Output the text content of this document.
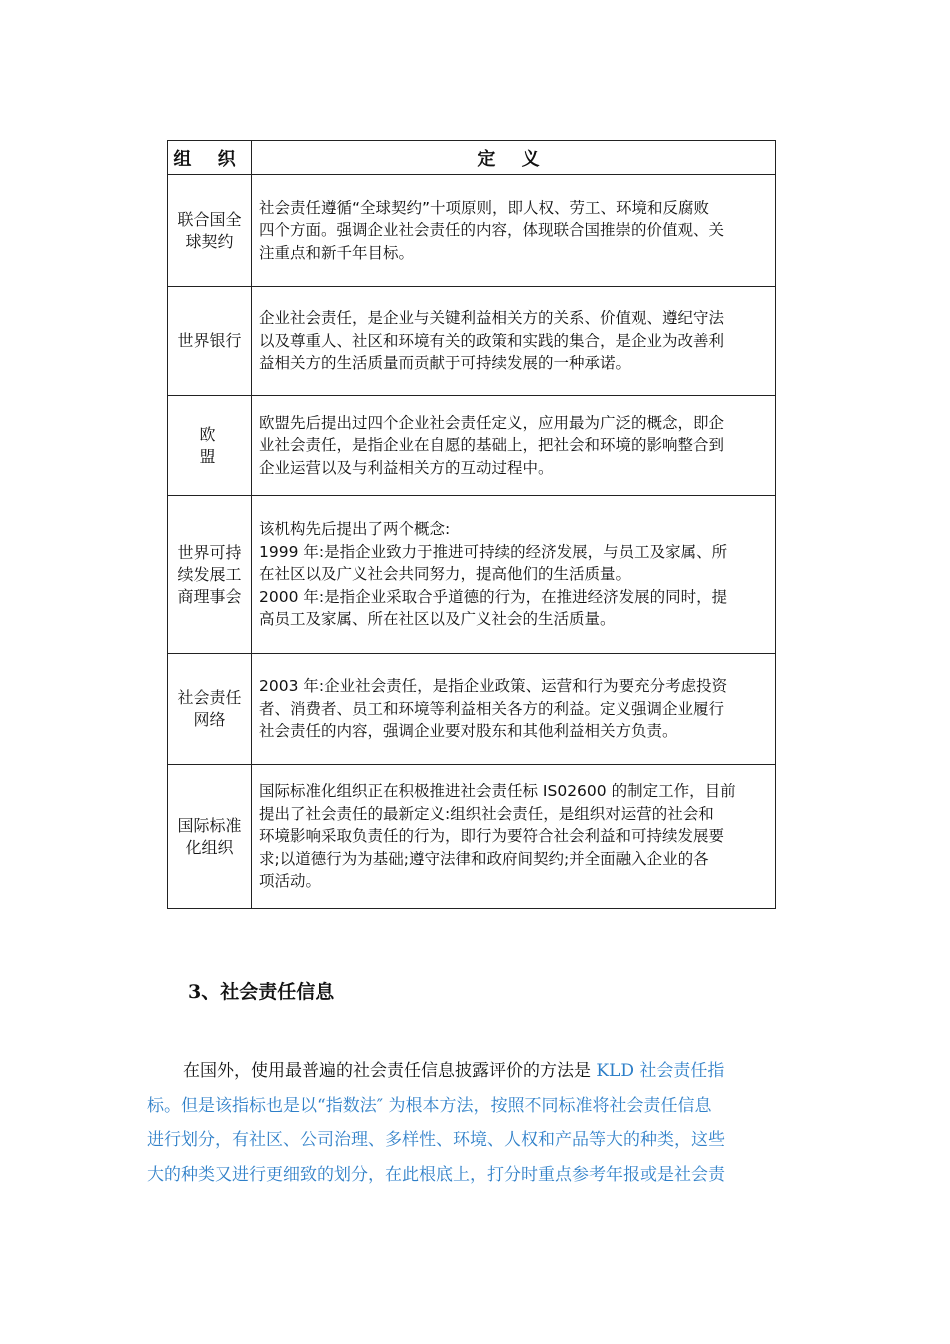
组 织	定 义
联合国全球契约	社会责任遵循“全球契约”十项原则，即人权、劳工、环境和反腐败
四个方面。强调企业社会责任的内容，体现联合国推崇的价值观、关
注重点和新千年目标。

世界银行	企业社会责任，是企业与关键利益相关方的关系、价值观、遵纪守法
以及尊重人、社区和环境有关的政策和实践的集合，是企业为改善利
益相关方的生活质量而贡献于可持续发展的一种承诺。

欧 盟	欧盟先后提出过四个企业社会责任定义，应用最为广泛的概念，即企
业社会责任，是指企业在自愿的基础上，把社会和环境的影响整合到
企业运营以及与利益相关方的互动过程中。

世界可持续发展工商理事会	该机构先后提出了两个概念:
1999 年:是指企业致力于推进可持续的经济发展，与员工及家属、所
在社区以及广义社会共同努力，提高他们的生活质量。
2000 年:是指企业采取合乎道德的行为，在推进经济发展的同时，提
高员工及家属、所在社区以及广义社会的生活质量。

社会责任网络	2003 年:企业社会责任，是指企业政策、运营和行为要充分考虑投资
者、消费者、员工和环境等利益相关各方的利益。定义强调企业履行
社会责任的内容，强调企业要对股东和其他利益相关方负责。

国际标准化组织	国际标准化组织正在积极推进社会责任标 IS02600 的制定工作，目前
提出了社会责任的最新定义:组织社会责任，是组织对运营的社会和
环境影响采取负责任的行为，即行为要符合社会利益和可持续发展要
求;以道德行为为基础;遵守法律和政府间契约;并全面融入企业的各
项活动。
3、社会责任信息
在国外，使用最普遍的社会责任信息披露评价的方法是 KLD 社会责任指
标。但是该指标也是以“指数法″ 为根本方法，按照不同标准将社会责任信息
进行划分，有社区、公司治理、多样性、环境、人权和产品等大的种类，这些
大的种类又进行更细致的划分，在此根底上，打分时重点参考年报或是社会责
